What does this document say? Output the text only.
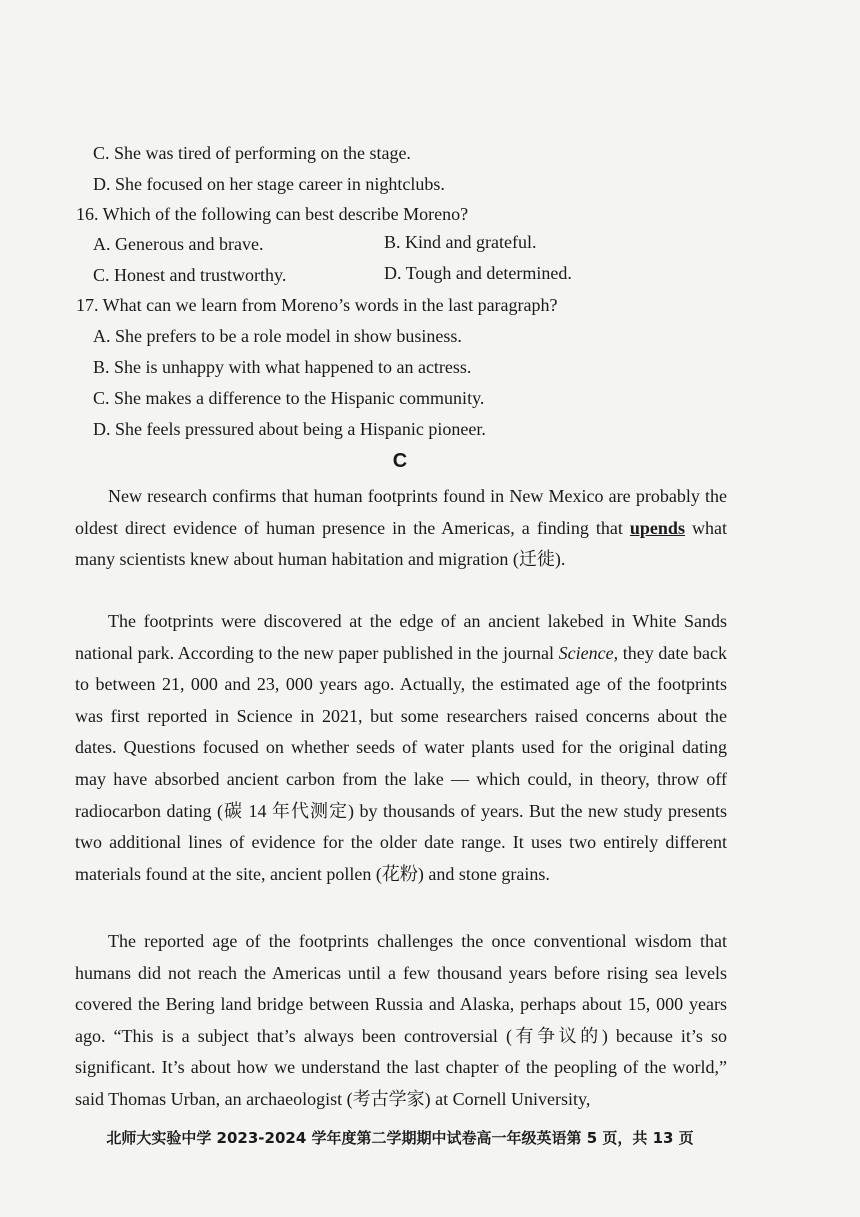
C. She was tired of performing on the stage.
D. She focused on her stage career in nightclubs.
16. Which of the following can best describe Moreno?
A. Generous and brave.	B. Kind and grateful.
C. Honest and trustworthy.	D. Tough and determined.
17. What can we learn from Moreno’s words in the last paragraph?
A. She prefers to be a role model in show business.
B. She is unhappy with what happened to an actress.
C. She makes a difference to the Hispanic community.
D. She feels pressured about being a Hispanic pioneer.
C
New research confirms that human footprints found in New Mexico are probably the oldest direct evidence of human presence in the Americas, a finding that upends what many scientists knew about human habitation and migration (迁徙).
The footprints were discovered at the edge of an ancient lakebed in White Sands national park. According to the new paper published in the journal Science, they date back to between 21, 000 and 23, 000 years ago. Actually, the estimated age of the footprints was first reported in Science in 2021, but some researchers raised concerns about the dates. Questions focused on whether seeds of water plants used for the original dating may have absorbed ancient carbon from the lake — which could, in theory, throw off radiocarbon dating (碳 14 年代测定) by thousands of years. But the new study presents two additional lines of evidence for the older date range. It uses two entirely different materials found at the site, ancient pollen (花粉) and stone grains.
The reported age of the footprints challenges the once conventional wisdom that humans did not reach the Americas until a few thousand years before rising sea levels covered the Bering land bridge between Russia and Alaska, perhaps about 15, 000 years ago. “This is a subject that’s always been controversial (有争议的) because it’s so significant. It’s about how we understand the last chapter of the peopling of the world,” said Thomas Urban, an archaeologist (考古学家) at Cornell University,
北师大实验中学 2023-2024 学年度第二学期期中试卷高一年级英语第 5 页，共 13 页
